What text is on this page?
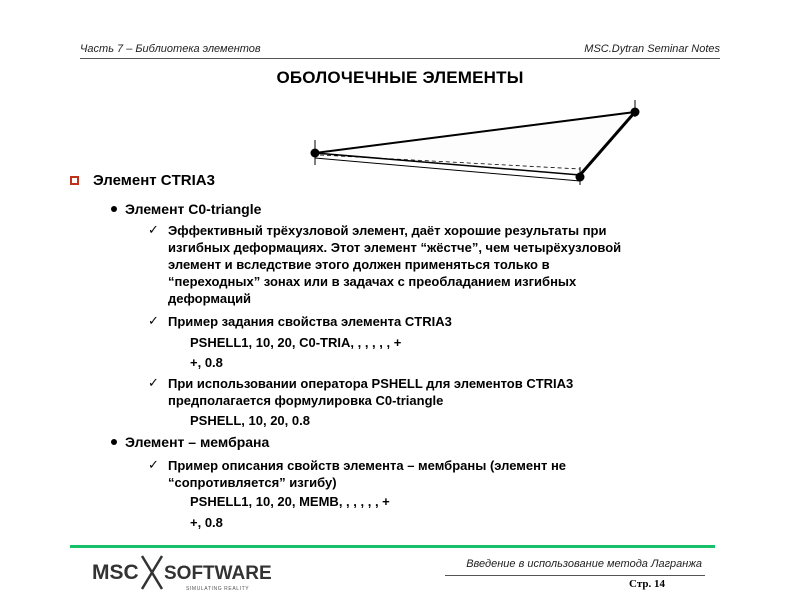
Часть 7 – Библиотека элементов	MSC.Dytran Seminar Notes
ОБОЛОЧЕЧНЫЕ ЭЛЕМЕНТЫ
Элемент CTRIA3
Элемент C0-triangle
✓ Эффективный трёхузловой элемент, даёт хорошие результаты при
изгибных деформациях. Этот элемент “жёстче”, чем четырёхузловой
элемент и вследствие этого должен применяться только в
“переходных” зонах или в задачах с преобладанием изгибных
деформаций
✓ Пример задания свойства элемента CTRIA3
PSHELL1, 10, 20, C0-TRIA, , , , , , +
+, 0.8
✓ При использовании оператора PSHELL для элементов CTRIA3
предполагается формулировка C0-triangle
PSHELL, 10, 20, 0.8
Элемент – мембрана
✓ Пример описания свойств элемента – мембраны (элемент не
“сопротивляется” изгибу)
PSHELL1, 10, 20, MEMB, , , , , , +
+, 0.8
MSC SOFTWARE
SIMULATING REALITY
Введение в использование метода Лагранжа
Стр. 14
